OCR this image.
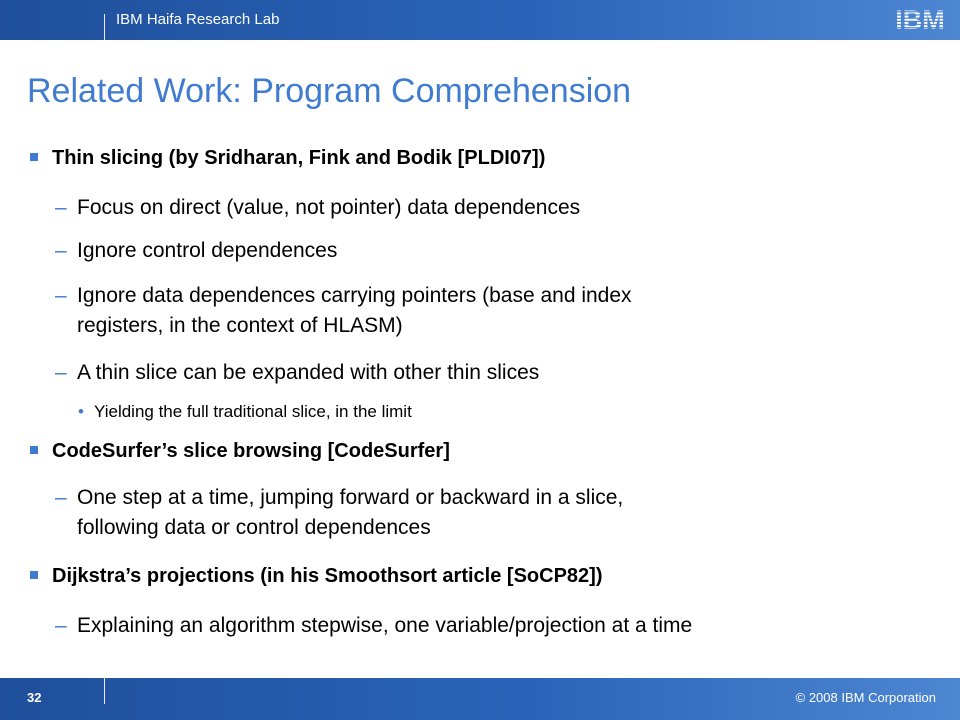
IBM Haifa Research Lab	IBM
Related Work: Program Comprehension
Thin slicing (by Sridharan, Fink and Bodik [PLDI07])
– Focus on direct (value, not pointer) data dependences
– Ignore control dependences
– Ignore data dependences carrying pointers (base and index
registers, in the context of HLASM)
– A thin slice can be expanded with other thin slices
• Yielding the full traditional slice, in the limit
CodeSurfer’s slice browsing [CodeSurfer]
– One step at a time, jumping forward or backward in a slice,
following data or control dependences
Dijkstra’s projections (in his Smoothsort article [SoCP82])
– Explaining an algorithm stepwise, one variable/projection at a time
32	© 2008 IBM Corporation
